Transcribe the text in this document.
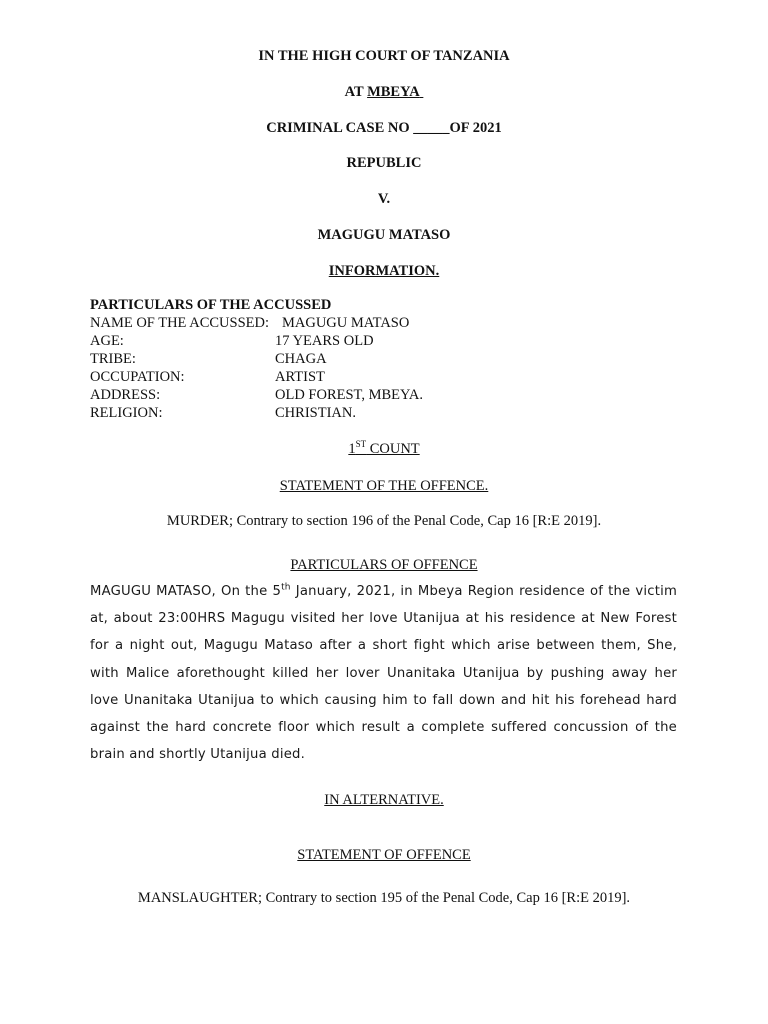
IN THE HIGH COURT OF TANZANIA
AT MBEYA
CRIMINAL CASE NO _____OF 2021
REPUBLIC
V.
MAGUGU MATASO
INFORMATION.
PARTICULARS OF THE ACCUSSED
NAME OF THE ACCUSSED: MAGUGU MATASO
AGE:	17 YEARS OLD
TRIBE:	CHAGA
OCCUPATION:	ARTIST
ADDRESS:	OLD FOREST, MBEYA.
RELIGION:	CHRISTIAN.
1ST COUNT
STATEMENT OF THE OFFENCE.
MURDER; Contrary to section 196 of the Penal Code, Cap 16 [R:E 2019].
PARTICULARS OF OFFENCE
MAGUGU MATASO, On the 5th January, 2021, in Mbeya Region residence of the victim at, about 23:00HRS Magugu visited her love Utanijua at his residence at New Forest for a night out, Magugu Mataso after a short fight which arise between them, She, with Malice aforethought killed her lover Unanitaka Utanijua by pushing away her love Unanitaka Utanijua to which causing him to fall down and hit his forehead hard against the hard concrete floor which result a complete suffered concussion of the brain and shortly Utanijua died.
IN ALTERNATIVE.
STATEMENT OF OFFENCE
MANSLAUGHTER; Contrary to section 195 of the Penal Code, Cap 16 [R:E 2019].
